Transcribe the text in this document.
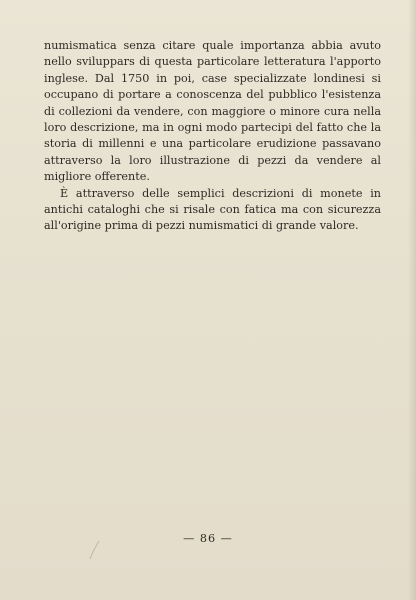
numismatica senza citare quale importanza abbia avuto nello sviluppars di questa particolare letteratura l'apporto inglese. Dal 1750 in poi, case specializzate londinesi si occupano di portare a conoscenza del pubblico l'esistenza di collezioni da vendere, con maggiore o minore cura nella loro descrizione, ma in ogni modo partecipi del fatto che la storia di millenni e una particolare erudizione passavano attraverso la loro illustrazione di pezzi da vendere al migliore offerente.

È attraverso delle semplici descrizioni di monete in antichi cataloghi che si risale con fatica ma con sicurezza all'origine prima di pezzi numismatici di grande valore.

— 86 —
